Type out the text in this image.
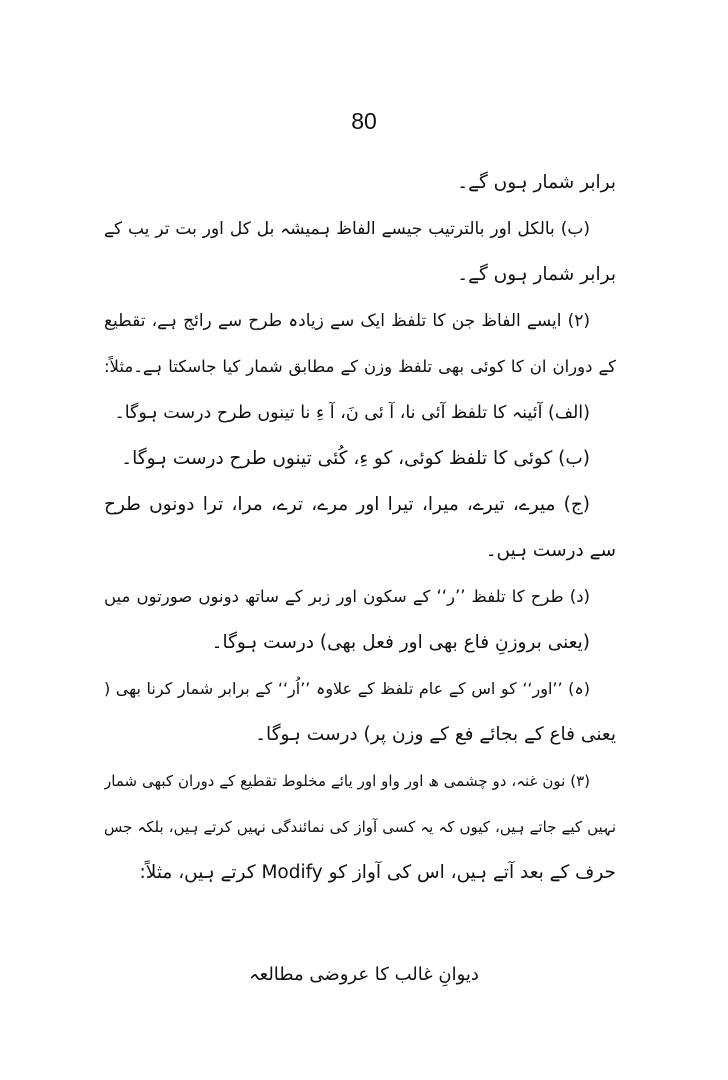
80
برابر شمار ہوں گے۔
(ب) بالکل اور بالترتیب جیسے الفاظ ہمیشہ بل کل اور بت تر یب کے
برابر شمار ہوں گے۔
(۲) ایسے الفاظ جن کا تلفظ ایک سے زیادہ طرح سے رائج ہے، تقطیع
کے دوران ان کا کوئی بھی تلفظ وزن کے مطابق شمار کیا جاسکتا ہے۔مثلاً:
(الف) آئینہ کا تلفظ آئی نا، آ ئی نَ، آ ءِ نا تینوں طرح درست ہوگا۔
(ب) کوئی کا تلفظ کوئی، کو ءِ، کُئی تینوں طرح درست ہوگا۔
(ج) میرے، تیرے، میرا، تیرا اور مرے، ترے، مرا، ترا دونوں طرح
سے درست ہیں۔
(د) طرح کا تلفظ ’’ر‘‘ کے سکون اور زبر کے ساتھ دونوں صورتوں میں
(یعنی بروزنِ فاع بھی اور فعل بھی) درست ہوگا۔
(ہ) ’’اور‘‘ کو اس کے عام تلفظ کے علاوہ ’’اُر‘‘ کے برابر شمار کرنا بھی (
یعنی فاع کے بجائے فع کے وزن پر) درست ہوگا۔
(۳) نون غنہ، دو چشمی ھ اور واو اور یائے مخلوط تقطیع کے دوران کبھی شمار
نہیں کیے جاتے ہیں، کیوں کہ یہ کسی آواز کی نمائندگی نہیں کرتے ہیں، بلکہ جس
حرف کے بعد آتے ہیں، اس کی آواز کو Modify کرتے ہیں، مثلاً:
دیوانِ غالب کا عروضی مطالعہ
